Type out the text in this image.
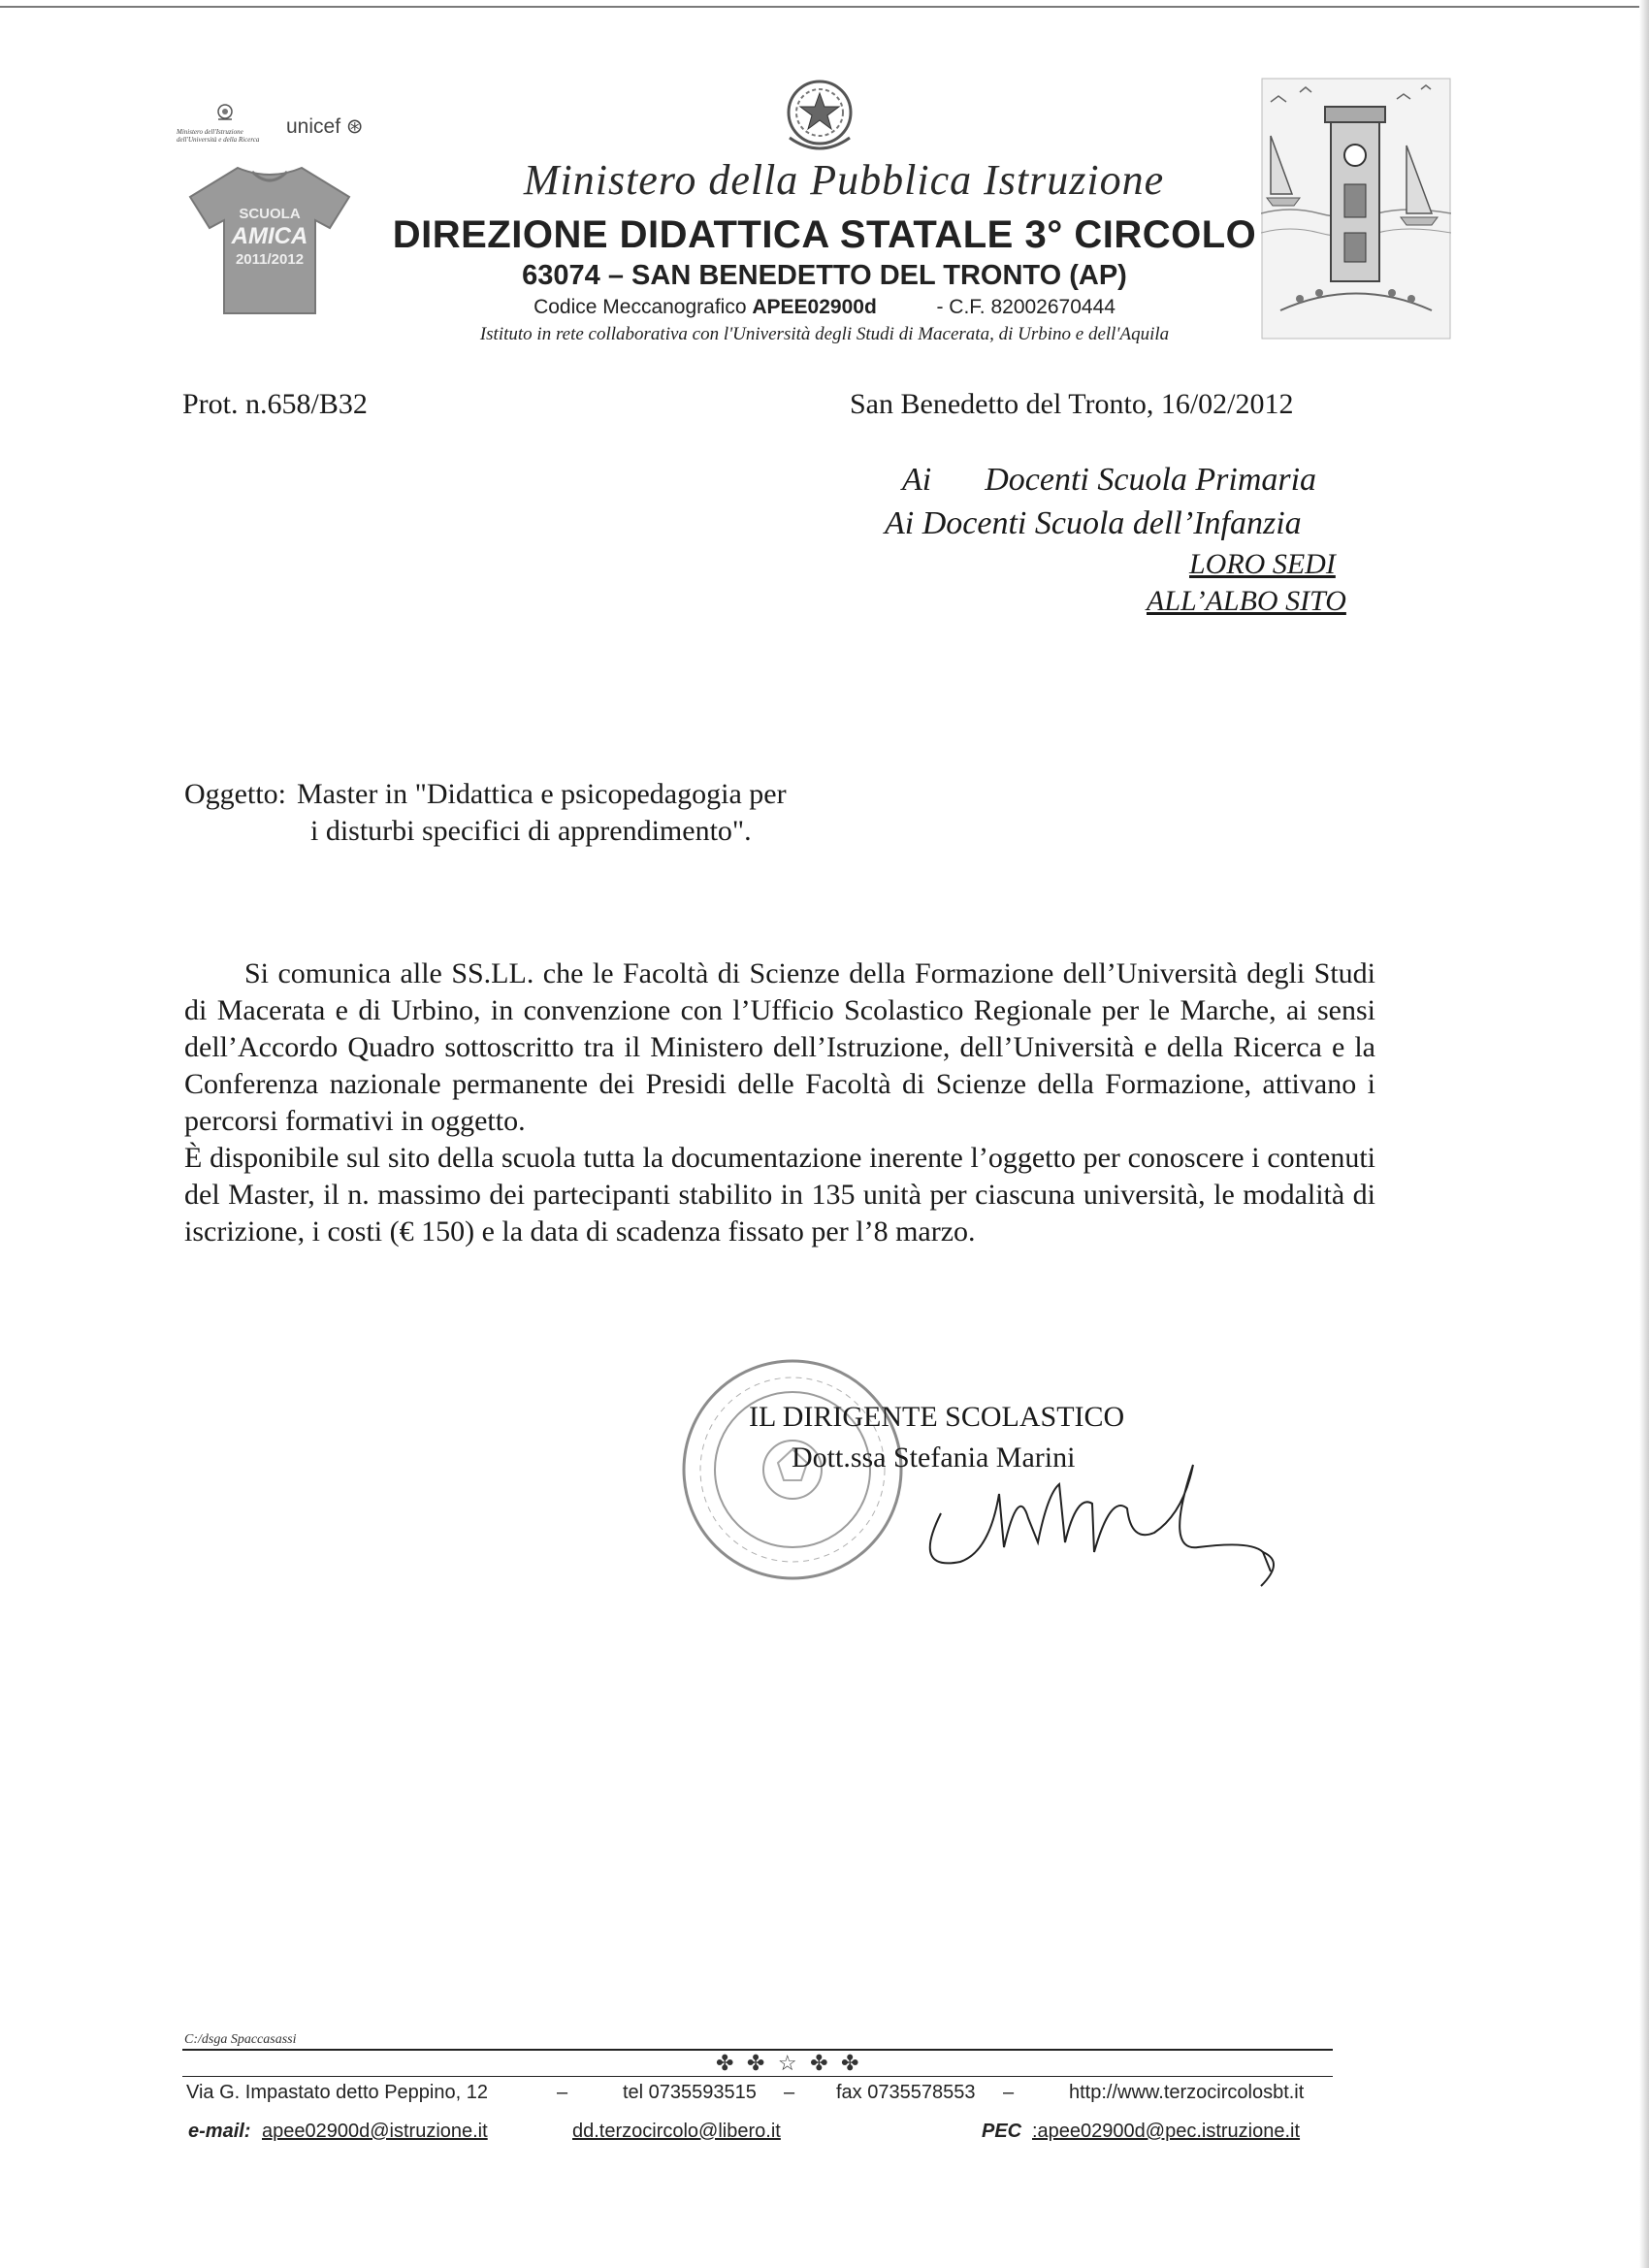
Ministero dell'Istruzione dell'Università e della Ricerca
unicef ⊛
SCUOLA
AMICA
2011/2012
Ministero della Pubblica Istruzione
DIREZIONE DIDATTICA STATALE 3° CIRCOLO
63074 – SAN BENEDETTO DEL TRONTO (AP)
Codice Meccanografico APEE02900d	- C.F. 82002670444
Istituto in rete collaborativa con l'Università degli Studi di Macerata, di Urbino e dell'Aquila
Prot. n.658/B32	San Benedetto del Tronto, 16/02/2012
Ai Docenti Scuola Primaria
Ai Docenti Scuola dell’Infanzia
LORO SEDI
ALL’ALBO SITO
Oggetto: Master in "Didattica e psicopedagogia per
i disturbi specifici di apprendimento".

Si comunica alle SS.LL. che le Facoltà di Scienze della Formazione dell’Università degli Studi di Macerata e di Urbino, in convenzione con l’Ufficio Scolastico Regionale per le Marche, ai sensi dell’Accordo Quadro sottoscritto tra il Ministero dell’Istruzione, dell’Università e della Ricerca e la Conferenza nazionale permanente dei Presidi delle Facoltà di Scienze della Formazione, attivano i percorsi formativi in oggetto.

È disponibile sul sito della scuola tutta la documentazione inerente l’oggetto per conoscere i contenuti del Master, il n. massimo dei partecipanti stabilito in 135 unità per ciascuna università, le modalità di iscrizione, i costi (€ 150) e la data di scadenza fissato per l’8 marzo.

IL DIRIGENTE SCOLASTICO
Dott.ssa Stefania Marini
C:/dsga Spaccasassi
✤ ✤ ☆ ✤ ✤
Via G. Impastato detto Peppino, 12	–	tel 0735593515 – fax 0735578553 –	http://www.terzocircolosbt.it
e-mail: apee02900d@istruzione.it	dd.terzocircolo@libero.it	PEC :apee02900d@pec.istruzione.it
